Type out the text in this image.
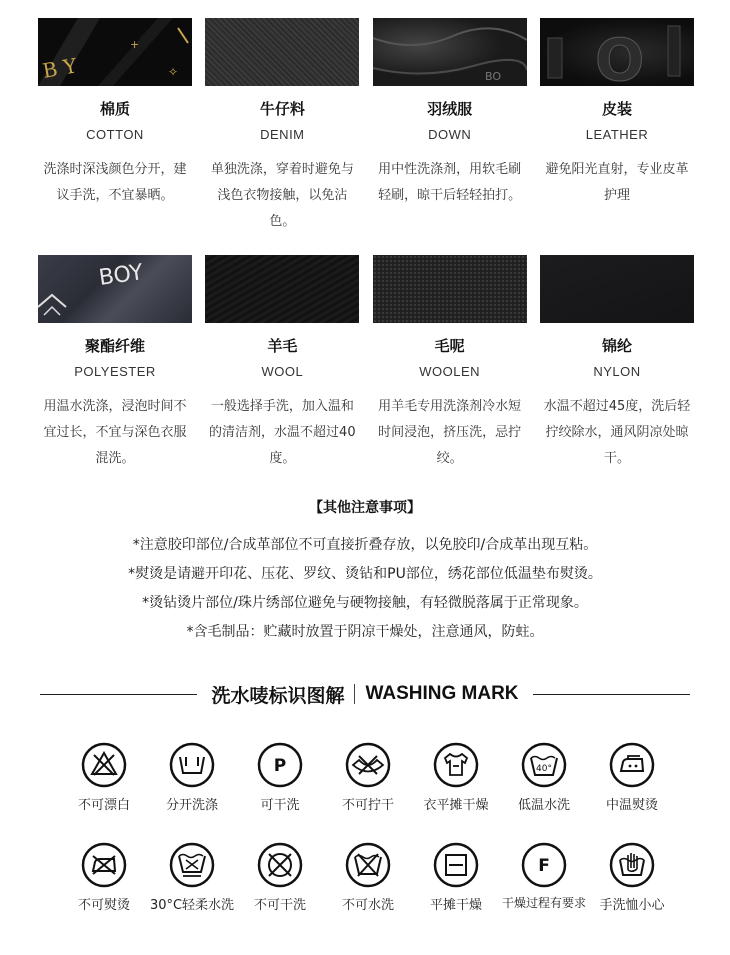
B Y
+
✧
棉质
COTTON
洗涤时深浅颜色分开，建议手洗，不宜暴晒。
牛仔料
DENIM
单独洗涤，穿着时避免与浅色衣物接触，以免沾色。
BO
羽绒服
DOWN
用中性洗涤剂，用软毛刷轻刷，晾干后轻轻拍打。
O
皮装
LEATHER
避免阳光直射，专业皮革护理
BOY
聚酯纤维
POLYESTER
用温水洗涤，浸泡时间不宜过长，不宜与深色衣服混洗。
羊毛
WOOL
一般选择手洗，加入温和的清洁剂，水温不超过40度。
毛呢
WOOLEN
用羊毛专用洗涤剂冷水短时间浸泡，挤压洗，忌拧绞。
锦纶
NYLON
水温不超过45度，洗后轻拧绞除水，通风阴凉处晾干。
【其他注意事项】
*注意胶印部位/合成革部位不可直接折叠存放，以免胶印/合成革出现互粘。
*熨烫是请避开印花、压花、罗纹、烫钻和PU部位，绣花部位低温垫布熨烫。
*烫钻烫片部位/珠片绣部位避免与硬物接触，有轻微脱落属于正常现象。
*含毛制品：贮藏时放置于阴凉干燥处，注意通风，防蛀。
洗水唛标识图解 WASHING MARK
不可漂白	分开洗涤
P
可干洗	不可拧干	衣平摊干燥
40°
低温水洗	中温熨烫
不可熨烫	30°C轻柔水洗	不可干洗	不可水洗	平摊干燥
F
干燥过程有要求	手洗恤小心
